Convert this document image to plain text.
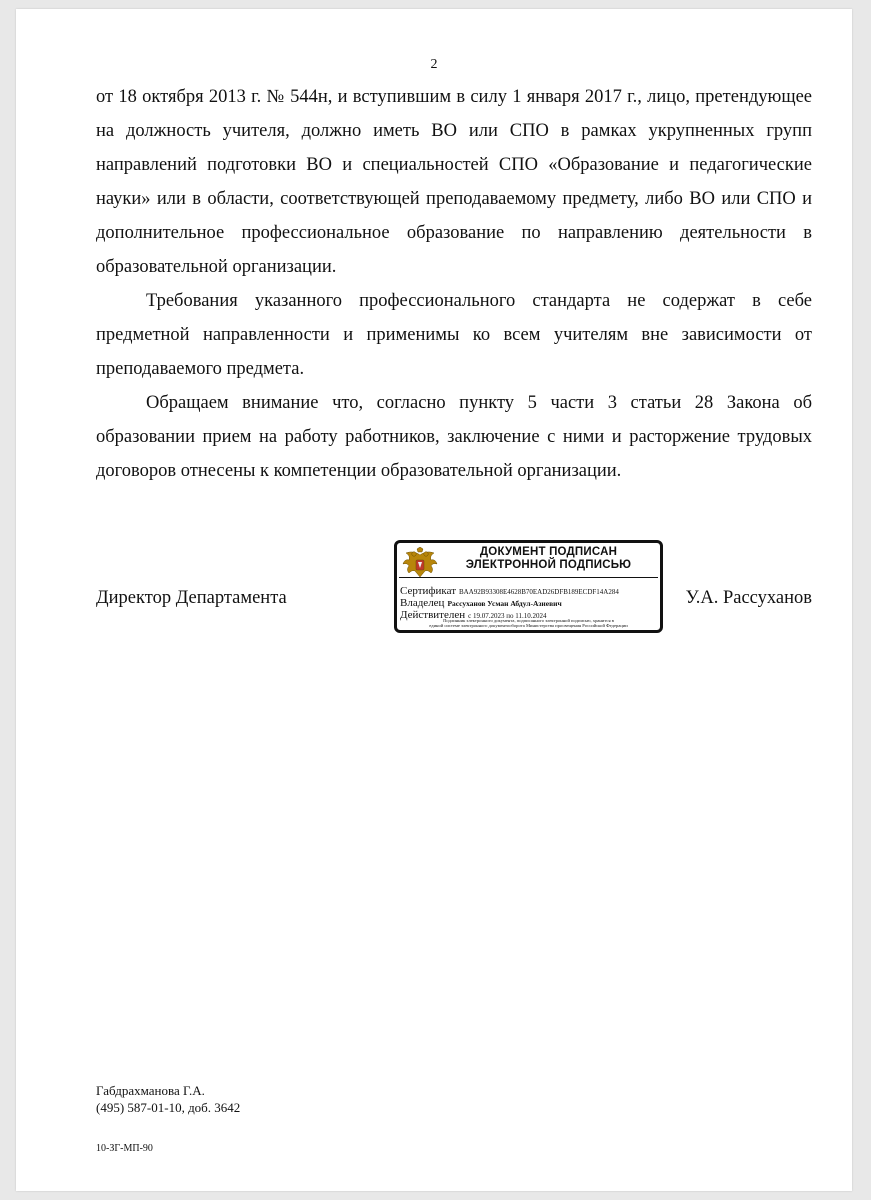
2

от 18 октября 2013 г. № 544н, и вступившим в силу 1 января 2017 г., лицо, претендующее на должность учителя, должно иметь ВО или СПО в рамках укрупненных групп направлений подготовки ВО и специальностей СПО «Образование и педагогические науки» или в области, соответствующей преподаваемому предмету, либо ВО или СПО и дополнительное профессиональное образование по направлению деятельности в образовательной организации.

Требования указанного профессионального стандарта не содержат в себе предметной направленности и применимы ко всем учителям вне зависимости от преподаваемого предмета.

Обращаем внимание что, согласно пункту 5 части 3 статьи 28 Закона об образовании прием на работу работников, заключение с ними и расторжение трудовых договоров отнесены к компетенции образовательной организации.

Директор Департамента
ДОКУМЕНТ ПОДПИСАН
ЭЛЕКТРОННОЙ ПОДПИСЬЮ
Сертификат BAA92B93308E4628B70EAD26DFB189ECDF14A284
Владелец Рассуханов Усман Абдул-Азиевич
Действителен с 19.07.2023 по 11.10.2024
Подлинник электронного документа, подписанного электронной подписью, хранится в
единой системе электронного документооборота Министерства просвещения Российской Федерации
У.А. Рассуханов
Габдрахманова Г.А.
(495) 587-01-10, доб. 3642
10-ЗГ-МП-90
